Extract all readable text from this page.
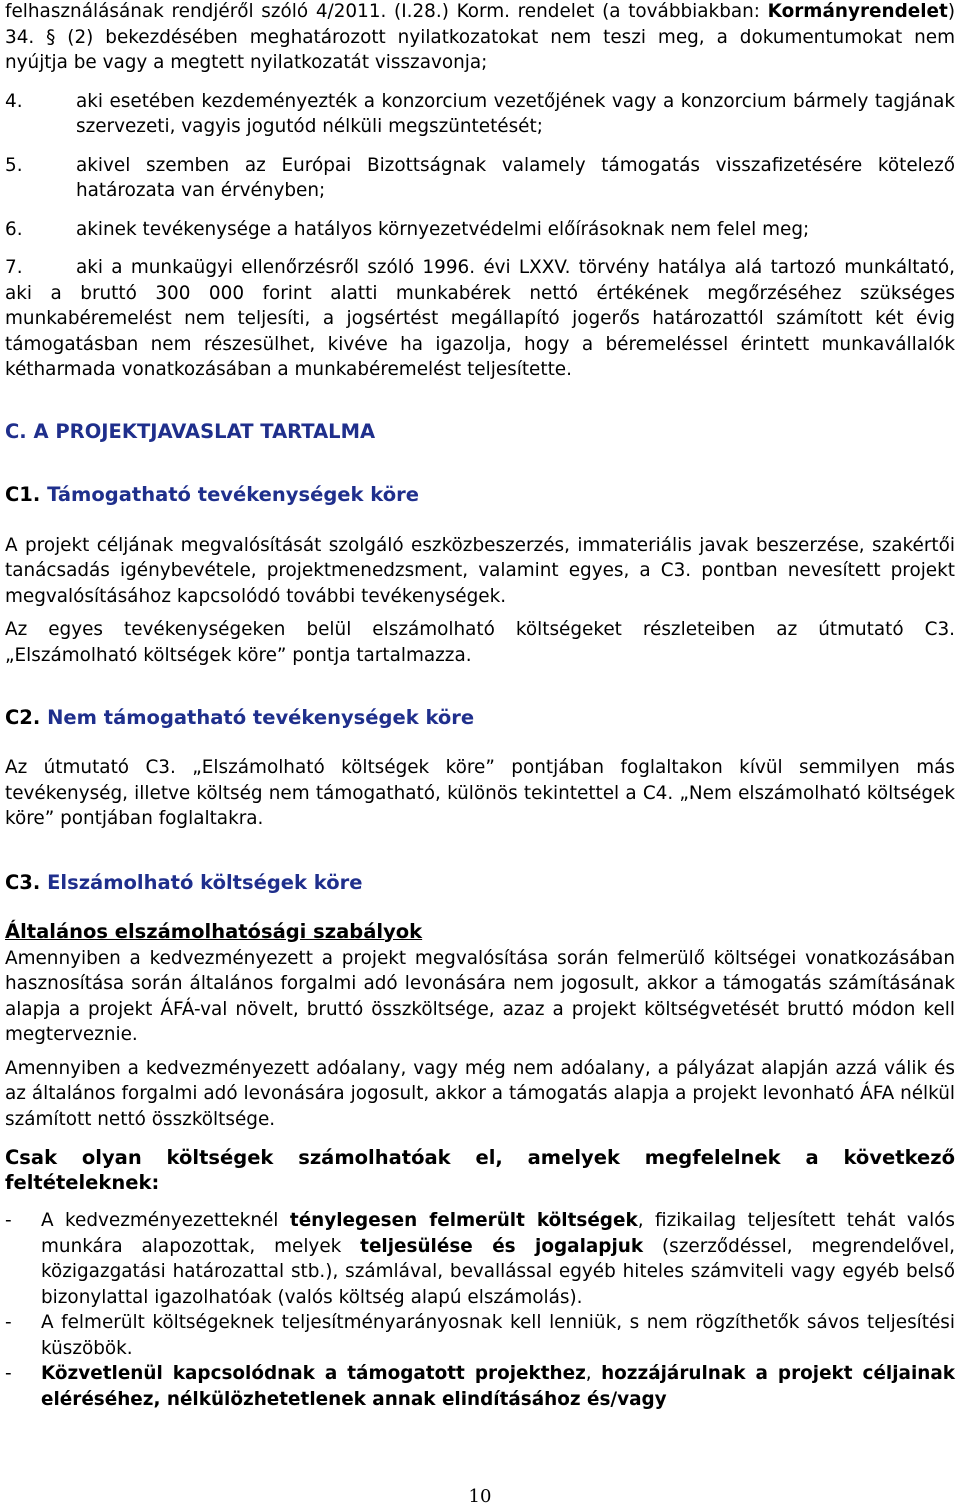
felhasználásának rendjéről szóló 4/2011. (I.28.) Korm. rendelet (a továbbiakban: Kormányrendelet) 34. § (2) bekezdésében meghatározott nyilatkozatokat nem teszi meg, a dokumentumokat nem nyújtja be vagy a megtett nyilatkozatát visszavonja;

4.	aki esetében kezdeményezték a konzorcium vezetőjének vagy a konzorcium bármely tagjának szervezeti, vagyis jogutód nélküli megszüntetését;
5.	akivel szemben az Európai Bizottságnak valamely támogatás visszafizetésére kötelező határozata van érvényben;
6.	akinek tevékenysége a hatályos környezetvédelmi előírásoknak nem felel meg;
7.	aki a munkaügyi ellenőrzésről szóló 1996. évi LXXV. törvény hatálya alá tartozó munkáltató, aki a bruttó 300 000 forint alatti munkabérek nettó értékének megőrzéséhez szükséges munkabéremelést nem teljesíti, a jogsértést megállapító jogerős határozattól számított két évig támogatásban nem részesülhet, kivéve ha igazolja, hogy a béremeléssel érintett munkavállalók kétharmada vonatkozásában a munkabéremelést teljesítette.

C. A PROJEKTJAVASLAT TARTALMA

C1. Támogatható tevékenységek köre

A projekt céljának megvalósítását szolgáló eszközbeszerzés, immateriális javak beszerzése, szakértői tanácsadás igénybevétele, projektmenedzsment, valamint egyes, a C3. pontban nevesített projekt megvalósításához kapcsolódó további tevékenységek.

Az egyes tevékenységeken belül elszámolható költségeket részleteiben az útmutató C3. „Elszámolható költségek köre” pontja tartalmazza.

C2. Nem támogatható tevékenységek köre

Az útmutató C3. „Elszámolható költségek köre” pontjában foglaltakon kívül semmilyen más tevékenység, illetve költség nem támogatható, különös tekintettel a C4. „Nem elszámolható költségek köre” pontjában foglaltakra.

C3. Elszámolható költségek köre

Általános elszámolhatósági szabályok

Amennyiben a kedvezményezett a projekt megvalósítása során felmerülő költségei vonatkozásában hasznosítása során általános forgalmi adó levonására nem jogosult, akkor a támogatás számításának alapja a projekt ÁFÁ-val növelt, bruttó összköltsége, azaz a projekt költségvetését bruttó módon kell megterveznie.

Amennyiben a kedvezményezett adóalany, vagy még nem adóalany, a pályázat alapján azzá válik és az általános forgalmi adó levonására jogosult, akkor a támogatás alapja a projekt levonható ÁFA nélkül számított nettó összköltsége.

Csak olyan költségek számolhatóak el, amelyek megfelelnek a következő feltételeknek:

-	A kedvezményezetteknél ténylegesen felmerült költségek, fizikailag teljesített tehát valós munkára alapozottak, melyek teljesülése és jogalapjuk (szerződéssel, megrendelővel, közigazgatási határozattal stb.), számlával, bevallással egyéb hiteles számviteli vagy egyéb belső bizonylattal igazolhatóak (valós költség alapú elszámolás).
-	A felmerült költségeknek teljesítményarányosnak kell lenniük, s nem rögzíthetők sávos teljesítési küszöbök.
-	Közvetlenül kapcsolódnak a támogatott projekthez, hozzájárulnak a projekt céljainak eléréséhez, nélkülözhetetlenek annak elindításához és/vagy
10
